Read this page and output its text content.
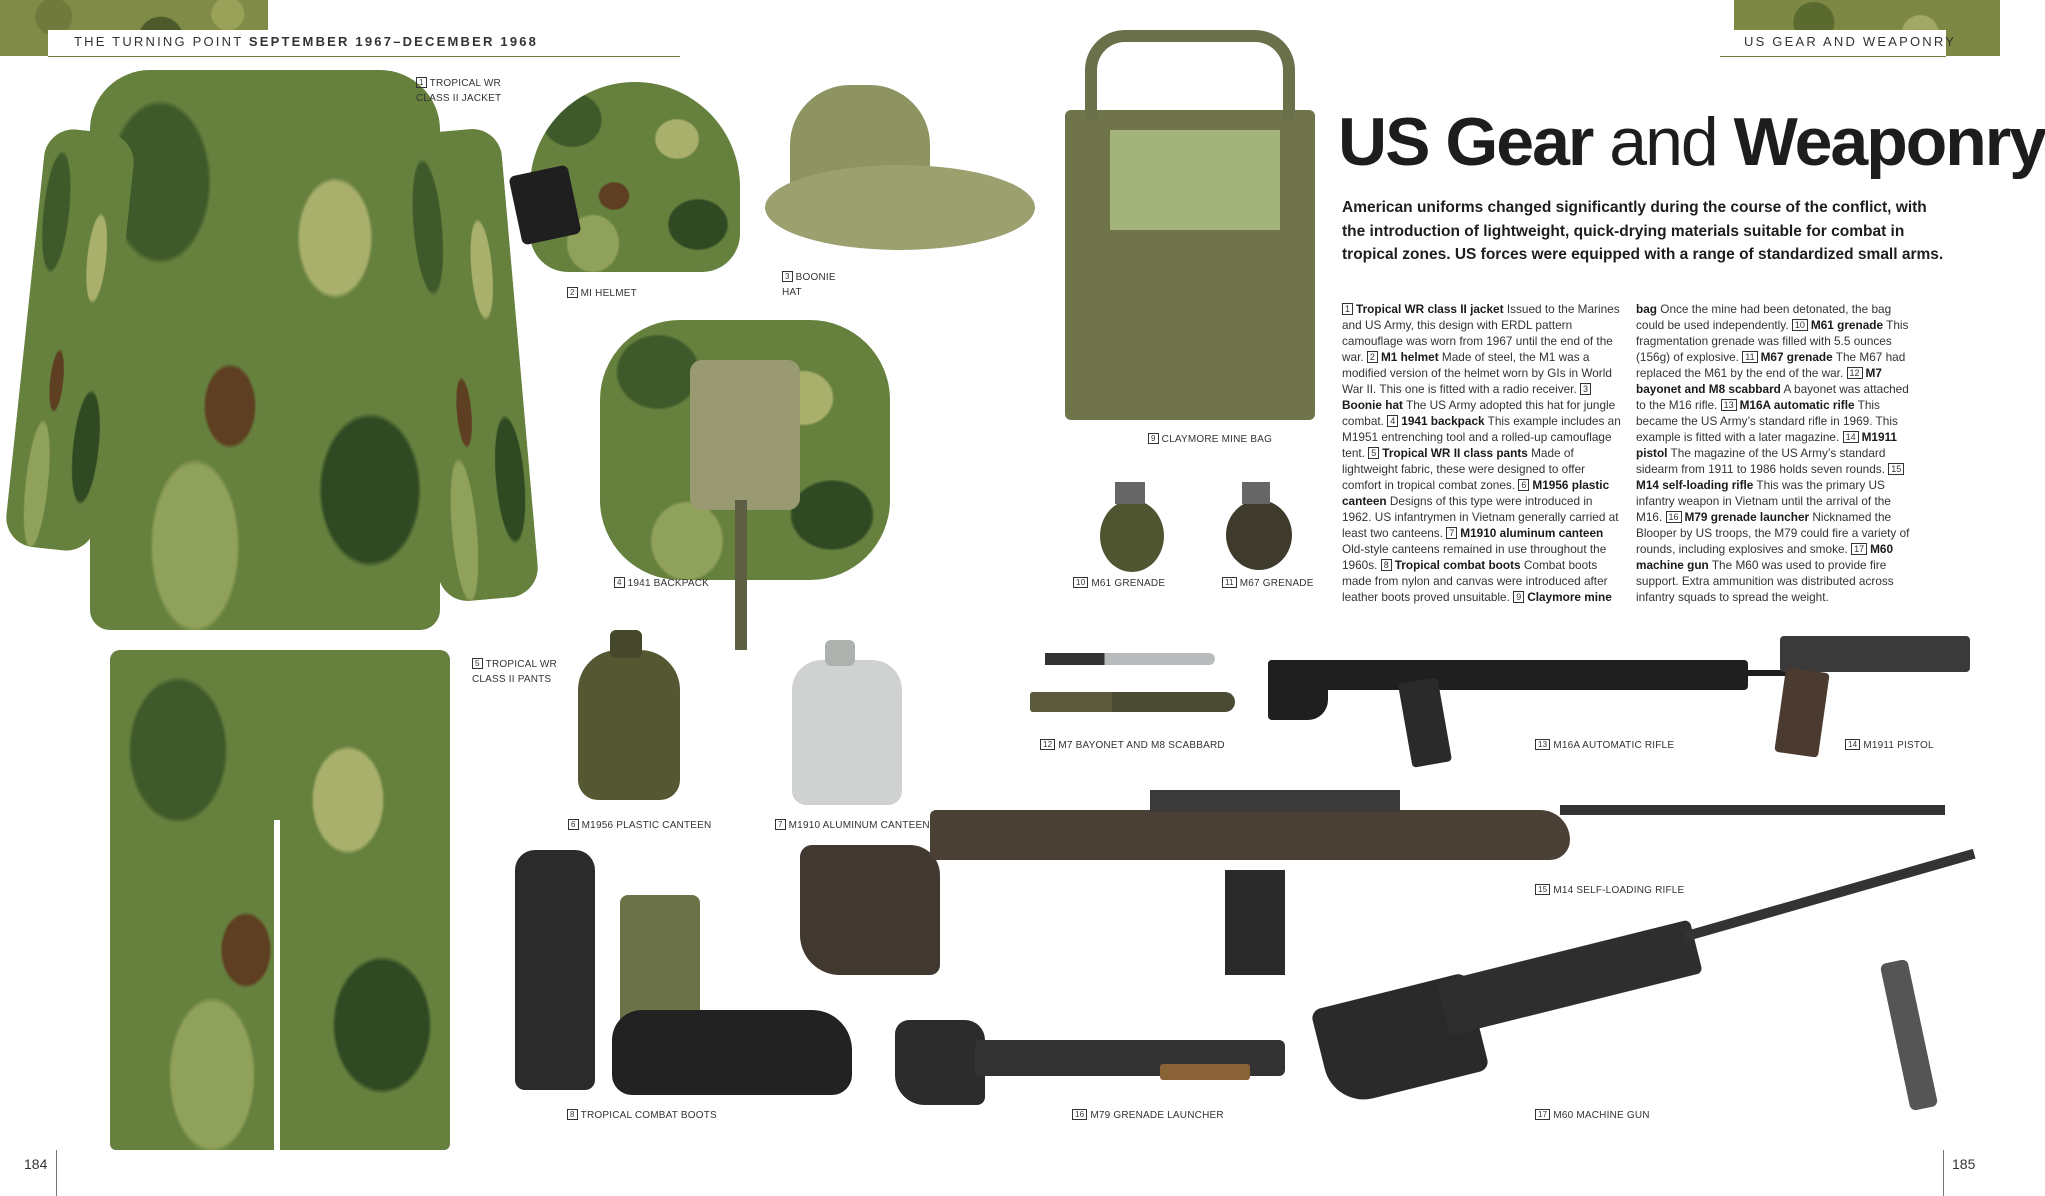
THE TURNING POINT SEPTEMBER 1967–DECEMBER 1968	US GEAR AND WEAPONRY
US Gear and Weaponry
American uniforms changed significantly during the course of the conflict, with the introduction of lightweight, quick-drying materials suitable for combat in tropical zones. US forces were equipped with a range of standardized small arms.
1 Tropical WR class II jacket Issued to the Marines and US Army, this design with ERDL pattern camouflage was worn from 1967 until the end of the war. 2 M1 helmet Made of steel, the M1 was a modified version of the helmet worn by GIs in World War II. This one is fitted with a radio receiver. 3Boonie hat The US Army adopted this hat for jungle combat. 4 1941 backpack This example includes an M1951 entrenching tool and a rolled-up camouflage tent. 5 Tropical WR II class pants Made of lightweight fabric, these were designed to offer comfort in tropical combat zones. 6 M1956 plastic canteen Designs of this type were introduced in 1962. US infantrymen in Vietnam generally carried at least two canteens. 7 M1910 aluminum canteen Old-style canteens remained in use throughout the 1960s. 8 Tropical combat boots Combat boots made from nylon and canvas were introduced after leather boots proved unsuitable. 9 Claymore mine
bag Once the mine had been detonated, the bag could be used independently. 10 M61 grenade This fragmentation grenade was filled with 5.5 ounces (156g) of explosive. 11 M67 grenade The M67 had replaced the M61 by the end of the war. 12 M7 bayonet and M8 scabbard A bayonet was attached to the M16 rifle. 13 M16A automatic rifle This became the US Army’s standard rifle in 1969. This example is fitted with a later magazine. 14 M1911 pistol The magazine of the US Army’s standard sidearm from 1911 to 1986 holds seven rounds. 15M14 self-loading rifle This was the primary US infantry weapon in Vietnam until the arrival of the M16. 16 M79 grenade launcher Nicknamed the Blooper by US troops, the M79 could fire a variety of rounds, including explosives and smoke. 17 M60 machine gun The M60 was used to provide fire support. Extra ammunition was distributed across infantry squads to spread the weight.
1 TROPICAL WR
CLASS II JACKET
2 MI HELMET
3 BOONIE
HAT
4 1941 BACKPACK
5 TROPICAL WR
CLASS II PANTS
6 M1956 PLASTIC CANTEEN	7 M1910 ALUMINUM CANTEEN
8 TROPICAL COMBAT BOOTS
9 CLAYMORE MINE BAG
10 M61 GRENADE	11 M67 GRENADE
12 M7 BAYONET AND M8 SCABBARD	13 M16A AUTOMATIC RIFLE	14 M1911 PISTOL
15 M14 SELF-LOADING RIFLE
16 M79 GRENADE LAUNCHER	17 M60 MACHINE GUN
184	185
